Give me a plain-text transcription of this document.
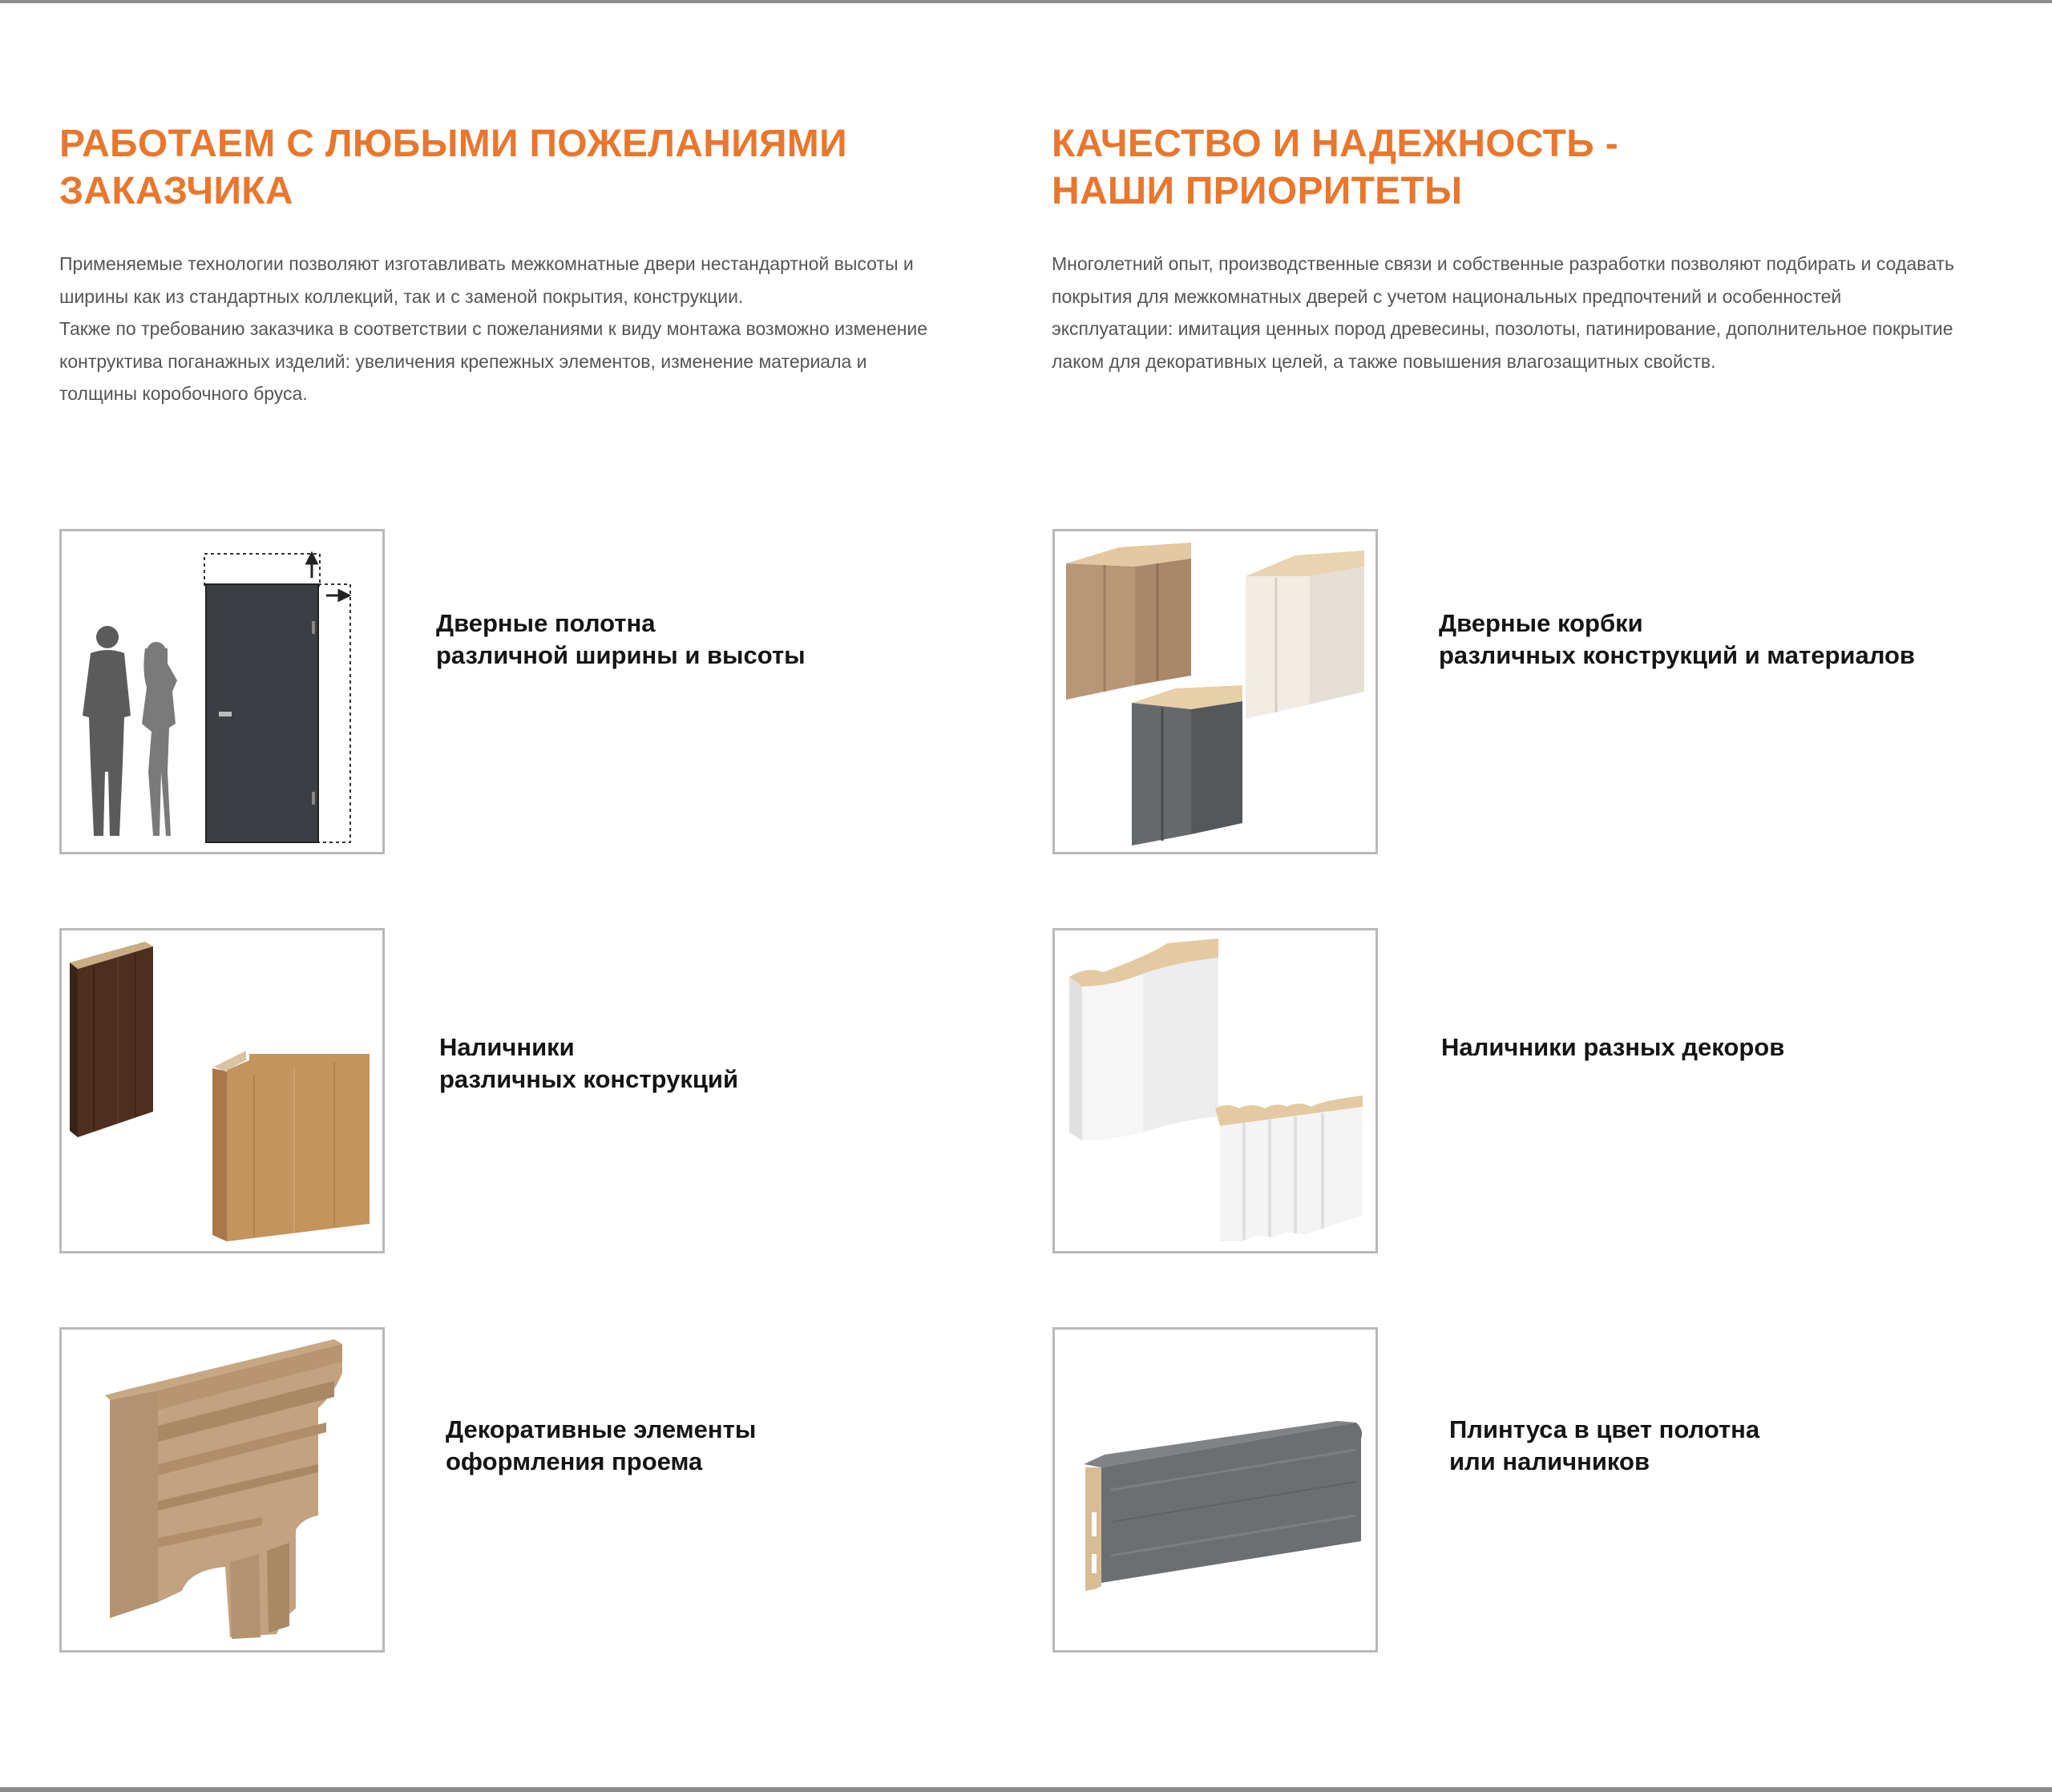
РАБОТАЕМ С ЛЮБЫМИ ПОЖЕЛАНИЯМИ
ЗАКАЗЧИКА

Применяемые технологии позволяют изготавливать межкомнатные двери нестандартной высоты и
ширины как из стандартных коллекций, так и с заменой покрытия, конструкции.
Также по требованию заказчика в соответствии с пожеланиями к виду монтажа возможно изменение
контруктива поганажных изделий: увеличения крепежных элементов, изменение материала и
толщины коробочного бруса.

КАЧЕСТВО И НАДЕЖНОСТЬ -
НАШИ ПРИОРИТЕТЫ

Многолетний опыт, производственные связи и собственные разработки позволяют подбирать и содавать
покрытия для межкомнатных дверей с учетом национальных предпочтений и особенностей
эксплуатации: имитация ценных пород древесины, позолоты, патинирование, дополнительное покрытие
лаком для декоративных целей, а также повышения влагозащитных свойств.

Дверные полотна
различной ширины и высоты

Дверные корбки
различных конструкций и материалов

Наличники
различных конструкций

Наличники разных декоров

Декоративные элементы
оформления проема

Плинтуса в цвет полотна
или наличников
